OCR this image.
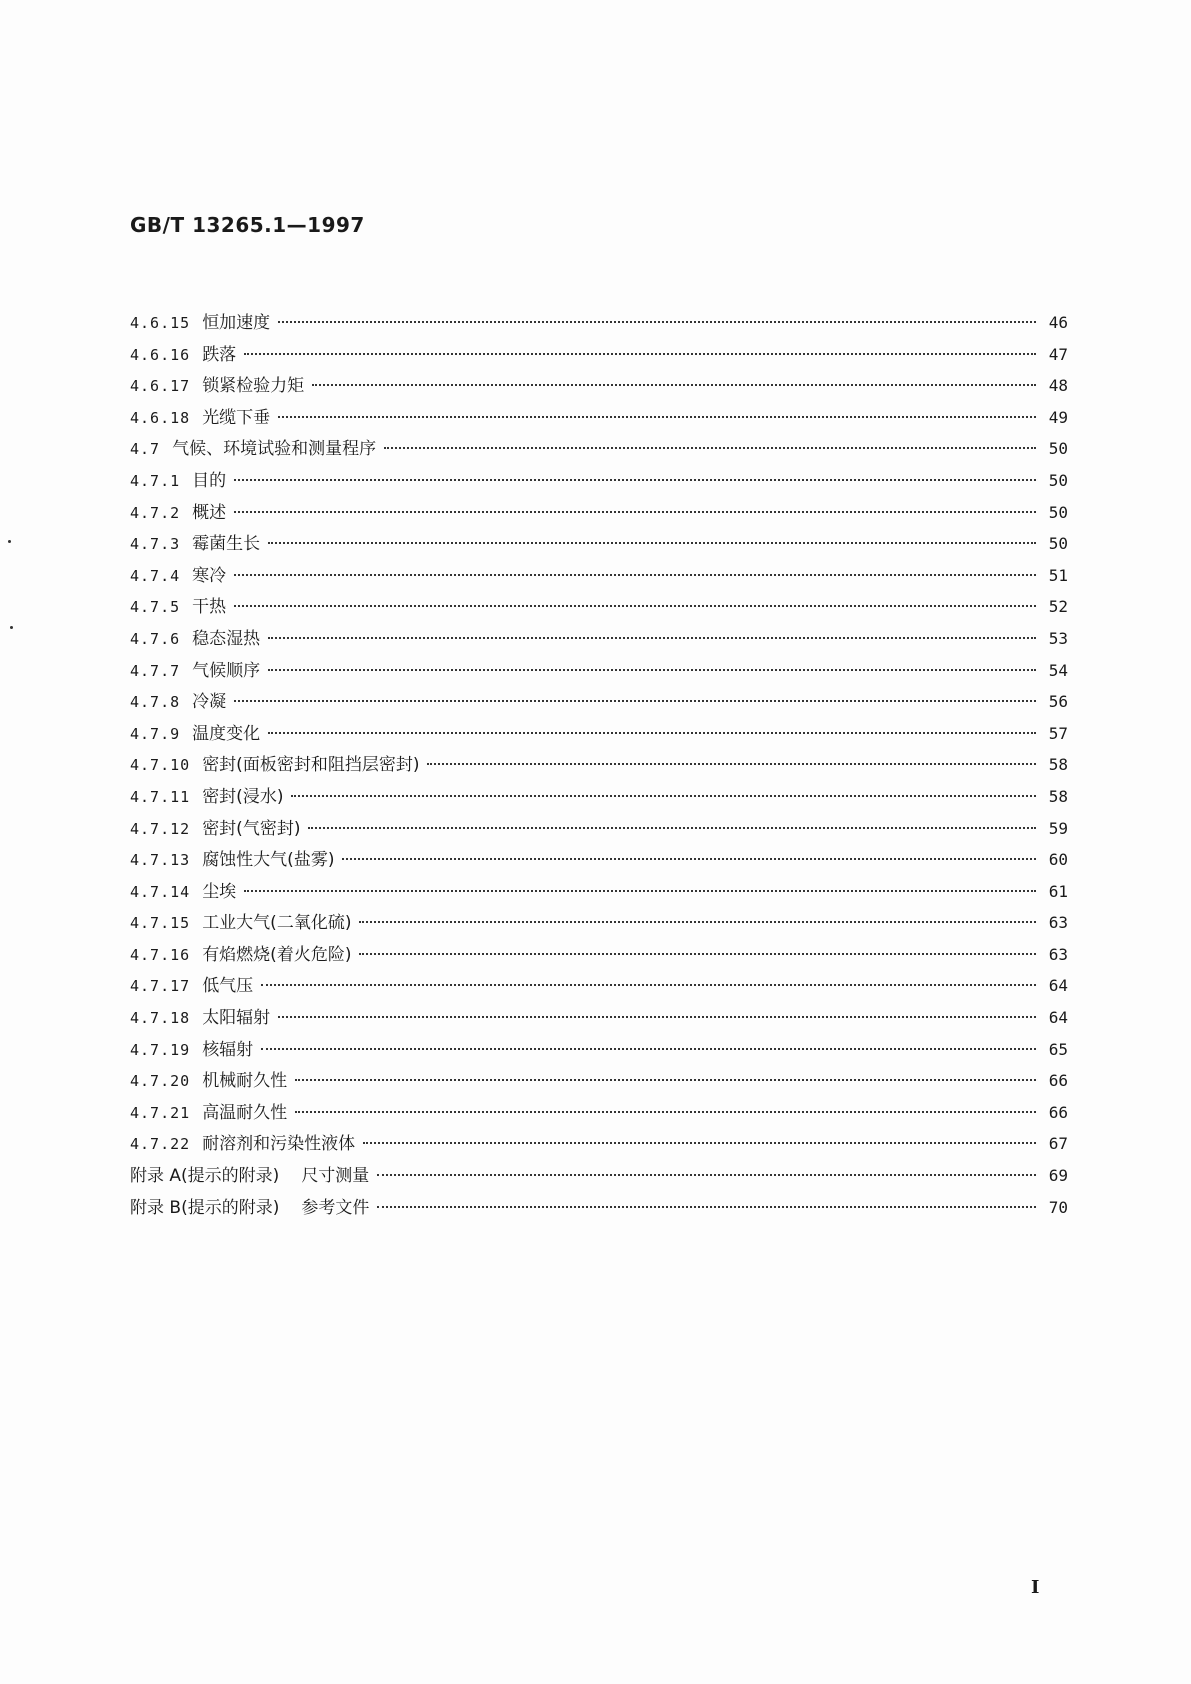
GB/T 13265.1—1997
4.6.15 恒加速度	46
4.6.16 跌落	47
4.6.17 锁紧检验力矩	48
4.6.18 光缆下垂	49
4.7 气候、环境试验和测量程序	50
4.7.1 目的	50
4.7.2 概述	50
4.7.3 霉菌生长	50
4.7.4 寒冷	51
4.7.5 干热	52
4.7.6 稳态湿热	53
4.7.7 气候顺序	54
4.7.8 冷凝	56
4.7.9 温度变化	57
4.7.10 密封(面板密封和阻挡层密封)	58
4.7.11 密封(浸水)	58
4.7.12 密封(气密封)	59
4.7.13 腐蚀性大气(盐雾)	60
4.7.14 尘埃	61
4.7.15 工业大气(二氧化硫)	63
4.7.16 有焰燃烧(着火危险)	63
4.7.17 低气压	64
4.7.18 太阳辐射	64
4.7.19 核辐射	65
4.7.20 机械耐久性	66
4.7.21 高温耐久性	66
4.7.22 耐溶剂和污染性液体	67
附录 A(提示的附录) 尺寸测量	69
附录 B(提示的附录) 参考文件	70
I
